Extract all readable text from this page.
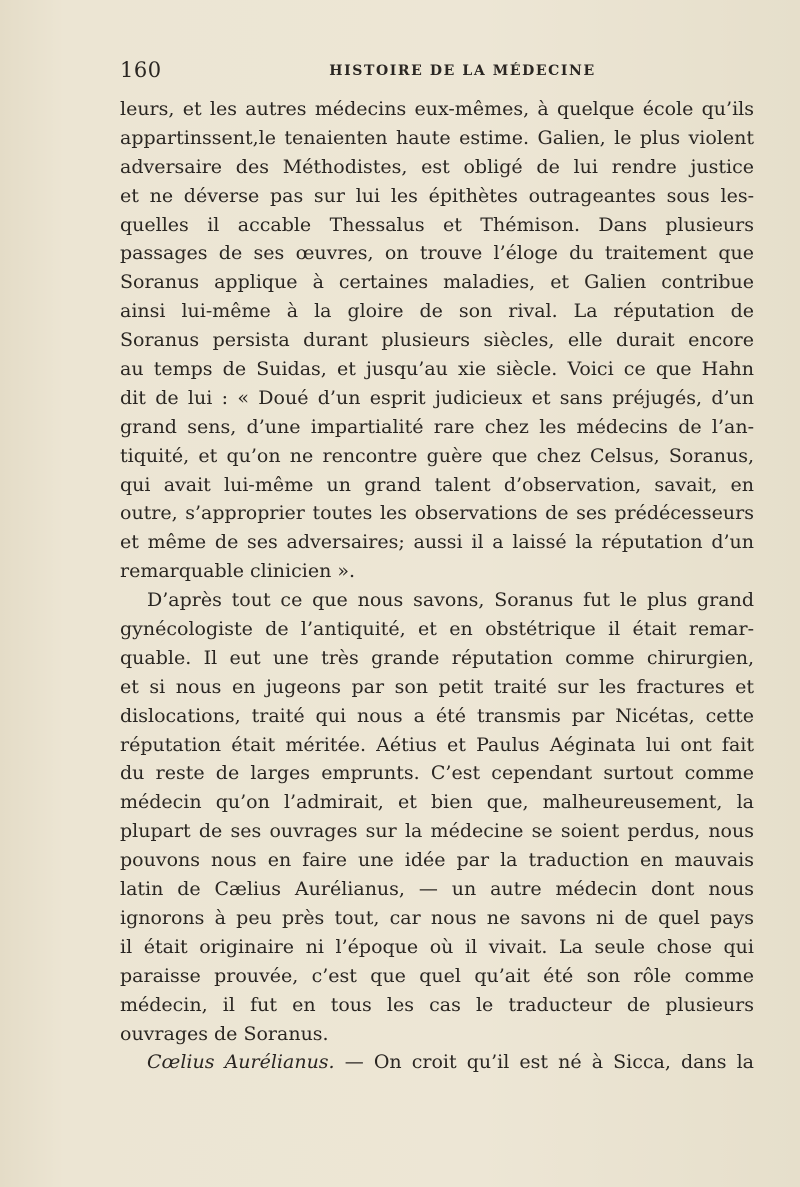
160	HISTOIRE DE LA MÉDECINE
leurs, et les autres médecins eux-mêmes, à quelque école qu’ils
appartinssent,le tenaienten haute estime. Galien, le plus violent
adversaire des Méthodistes, est obligé de lui rendre justice
et ne déverse pas sur lui les épithètes outrageantes sous les-
quelles il accable Thessalus et Thémison. Dans plusieurs
passages de ses œuvres, on trouve l’éloge du traitement que
Soranus applique à certaines maladies, et Galien contribue
ainsi lui-même à la gloire de son rival. La réputation de
Soranus persista durant plusieurs siècles, elle durait encore
au temps de Suidas, et jusqu’au xie siècle. Voici ce que Hahn
dit de lui : « Doué d’un esprit judicieux et sans préjugés, d’un
grand sens, d’une impartialité rare chez les médecins de l’an-
tiquité, et qu’on ne rencontre guère que chez Celsus, Soranus,
qui avait lui-même un grand talent d’observation, savait, en
outre, s’approprier toutes les observations de ses prédécesseurs
et même de ses adversaires; aussi il a laissé la réputation d’un
remarquable clinicien ».
D’après tout ce que nous savons, Soranus fut le plus grand
gynécologiste de l’antiquité, et en obstétrique il était remar-
quable. Il eut une très grande réputation comme chirurgien,
et si nous en jugeons par son petit traité sur les fractures et
dislocations, traité qui nous a été transmis par Nicétas, cette
réputation était méritée. Aétius et Paulus Aéginata lui ont fait
du reste de larges emprunts. C’est cependant surtout comme
médecin qu’on l’admirait, et bien que, malheureusement, la
plupart de ses ouvrages sur la médecine se soient perdus, nous
pouvons nous en faire une idée par la traduction en mauvais
latin de Cælius Aurélianus, — un autre médecin dont nous
ignorons à peu près tout, car nous ne savons ni de quel pays
il était originaire ni l’époque où il vivait. La seule chose qui
paraisse prouvée, c’est que quel qu’ait été son rôle comme
médecin, il fut en tous les cas le traducteur de plusieurs
ouvrages de Soranus.
Cœlius Aurélianus. — On croit qu’il est né à Sicca, dans la
